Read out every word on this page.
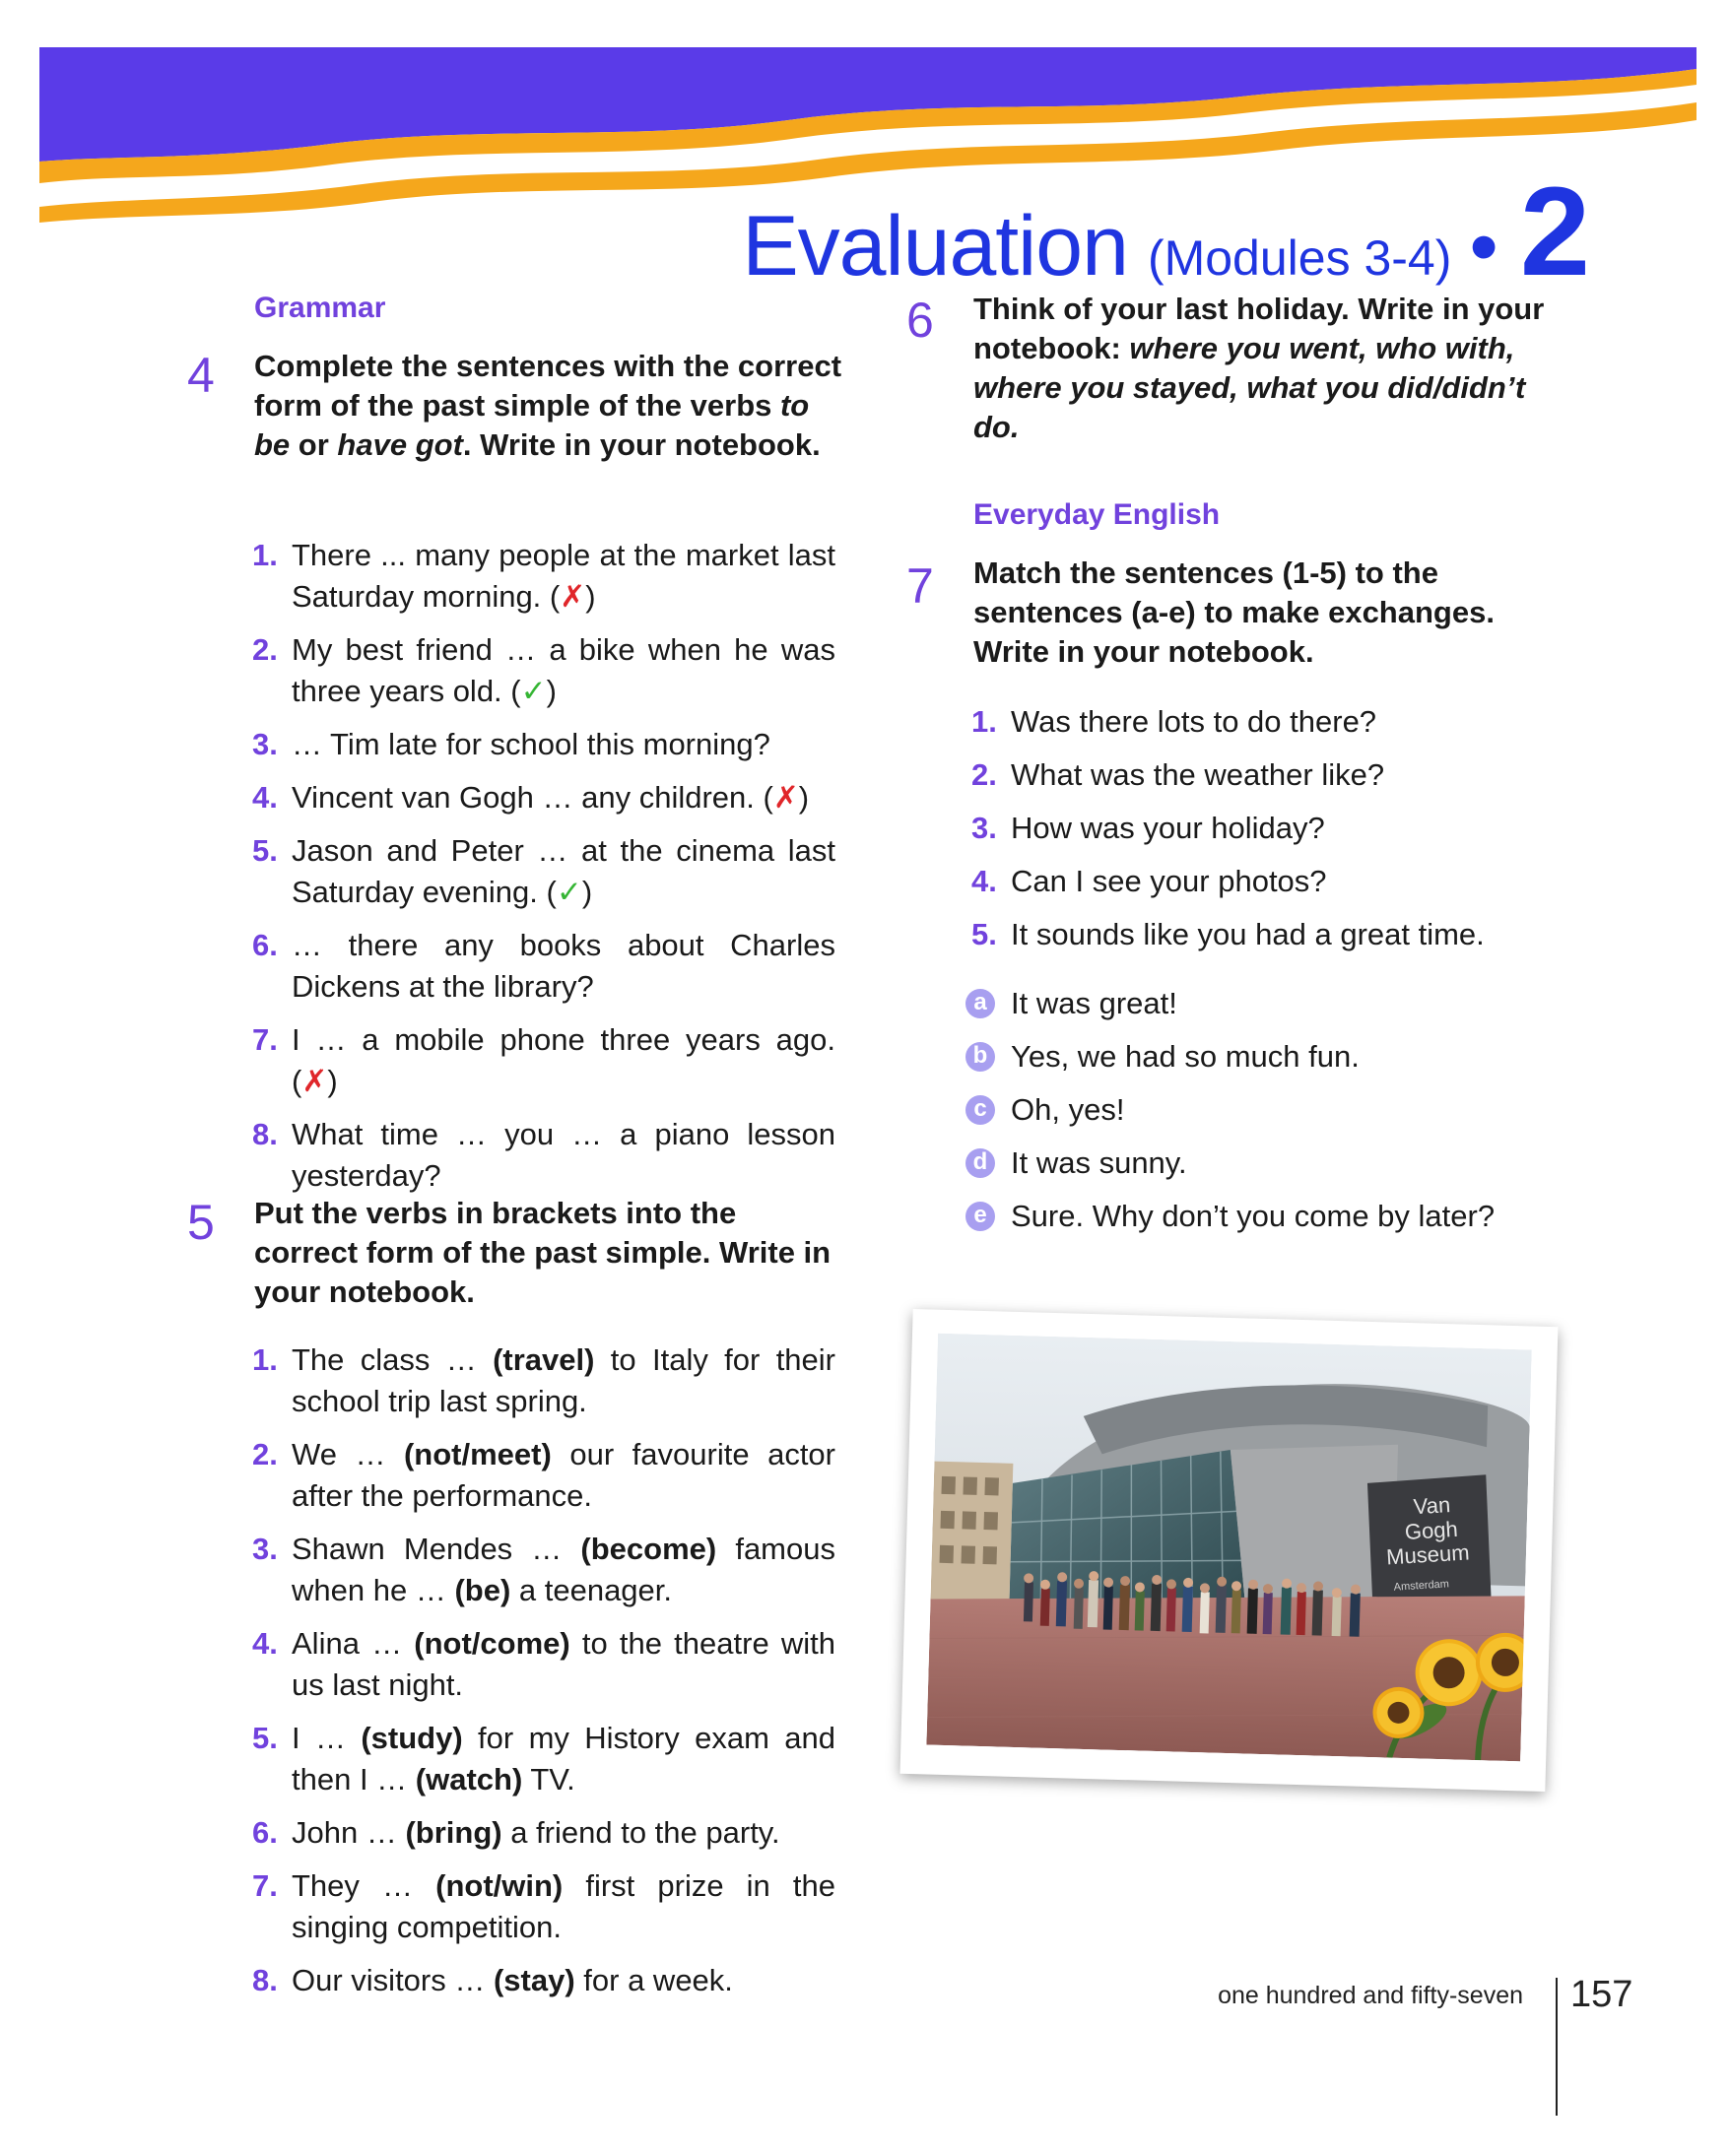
Evaluation (Modules 3-4) • 2
Grammar
4 Complete the sentences with the correct form of the past simple of the verbs to be or have got. Write in your notebook.
1. There ... many people at the market last Saturday morning. (✗)
2. My best friend … a bike when he was three years old. (✓)
3. … Tim late for school this morning?
4. Vincent van Gogh … any children. (✗)
5. Jason and Peter … at the cinema last Saturday evening. (✓)
6. … there any books about Charles Dickens at the library?
7. I … a mobile phone three years ago. (✗)
8. What time … you … a piano lesson yesterday?
5 Put the verbs in brackets into the correct form of the past simple. Write in your notebook.
1. The class … (travel) to Italy for their school trip last spring.
2. We … (not/meet) our favourite actor after the performance.
3. Shawn Mendes … (become) famous when he … (be) a teenager.
4. Alina … (not/come) to the theatre with us last night.
5. I … (study) for my History exam and then I … (watch) TV.
6. John … (bring) a friend to the party.
7. They … (not/win) first prize in the singing competition.
8. Our visitors … (stay) for a week.
6 Think of your last holiday. Write in your notebook: where you went, who with, where you stayed, what you did/didn’t do.
Everyday English
7 Match the sentences (1-5) to the sentences (a-e) to make exchanges. Write in your notebook.
1. Was there lots to do there?
2. What was the weather like?
3. How was your holiday?
4. Can I see your photos?
5. It sounds like you had a great time.
a It was great!
b Yes, we had so much fun.
c Oh, yes!
d It was sunny.
e Sure. Why don’t you come by later?
Van
Gogh
Museum
Amsterdam
one hundred and fifty-seven 157
